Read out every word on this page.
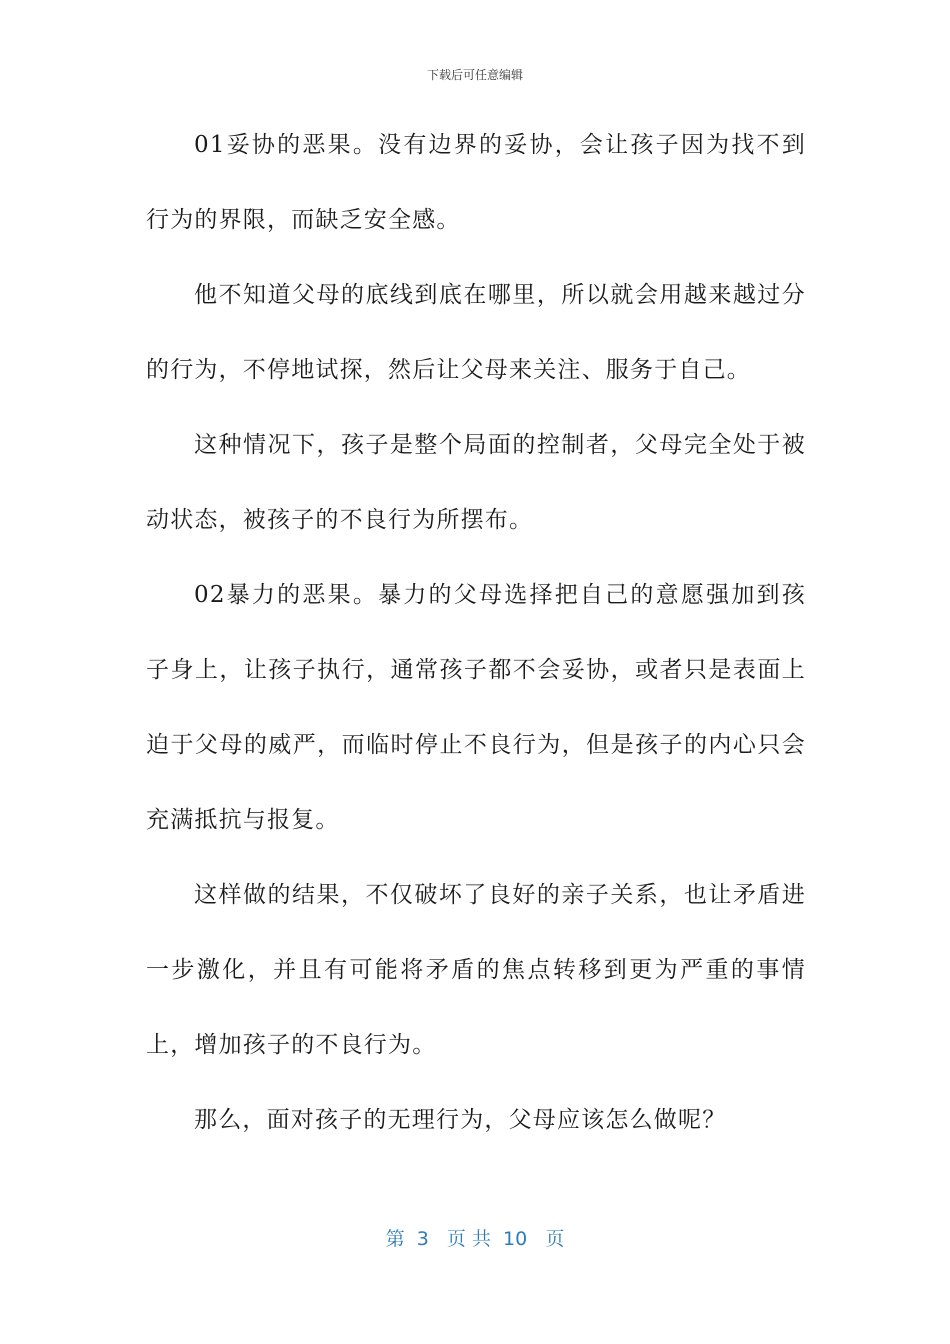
下载后可任意编辑

01妥协的恶果。没有边界的妥协，会让孩子因为找不到行为的界限，而缺乏安全感。

他不知道父母的底线到底在哪里，所以就会用越来越过分的行为，不停地试探，然后让父母来关注、服务于自己。

这种情况下，孩子是整个局面的控制者，父母完全处于被动状态，被孩子的不良行为所摆布。

02暴力的恶果。暴力的父母选择把自己的意愿强加到孩子身上，让孩子执行，通常孩子都不会妥协，或者只是表面上迫于父母的威严，而临时停止不良行为，但是孩子的内心只会充满抵抗与报复。

这样做的结果，不仅破坏了良好的亲子关系，也让矛盾进一步激化，并且有可能将矛盾的焦点转移到更为严重的事情上，增加孩子的不良行为。

那么，面对孩子的无理行为，父母应该怎么做呢？

第  3   页 共  10   页
